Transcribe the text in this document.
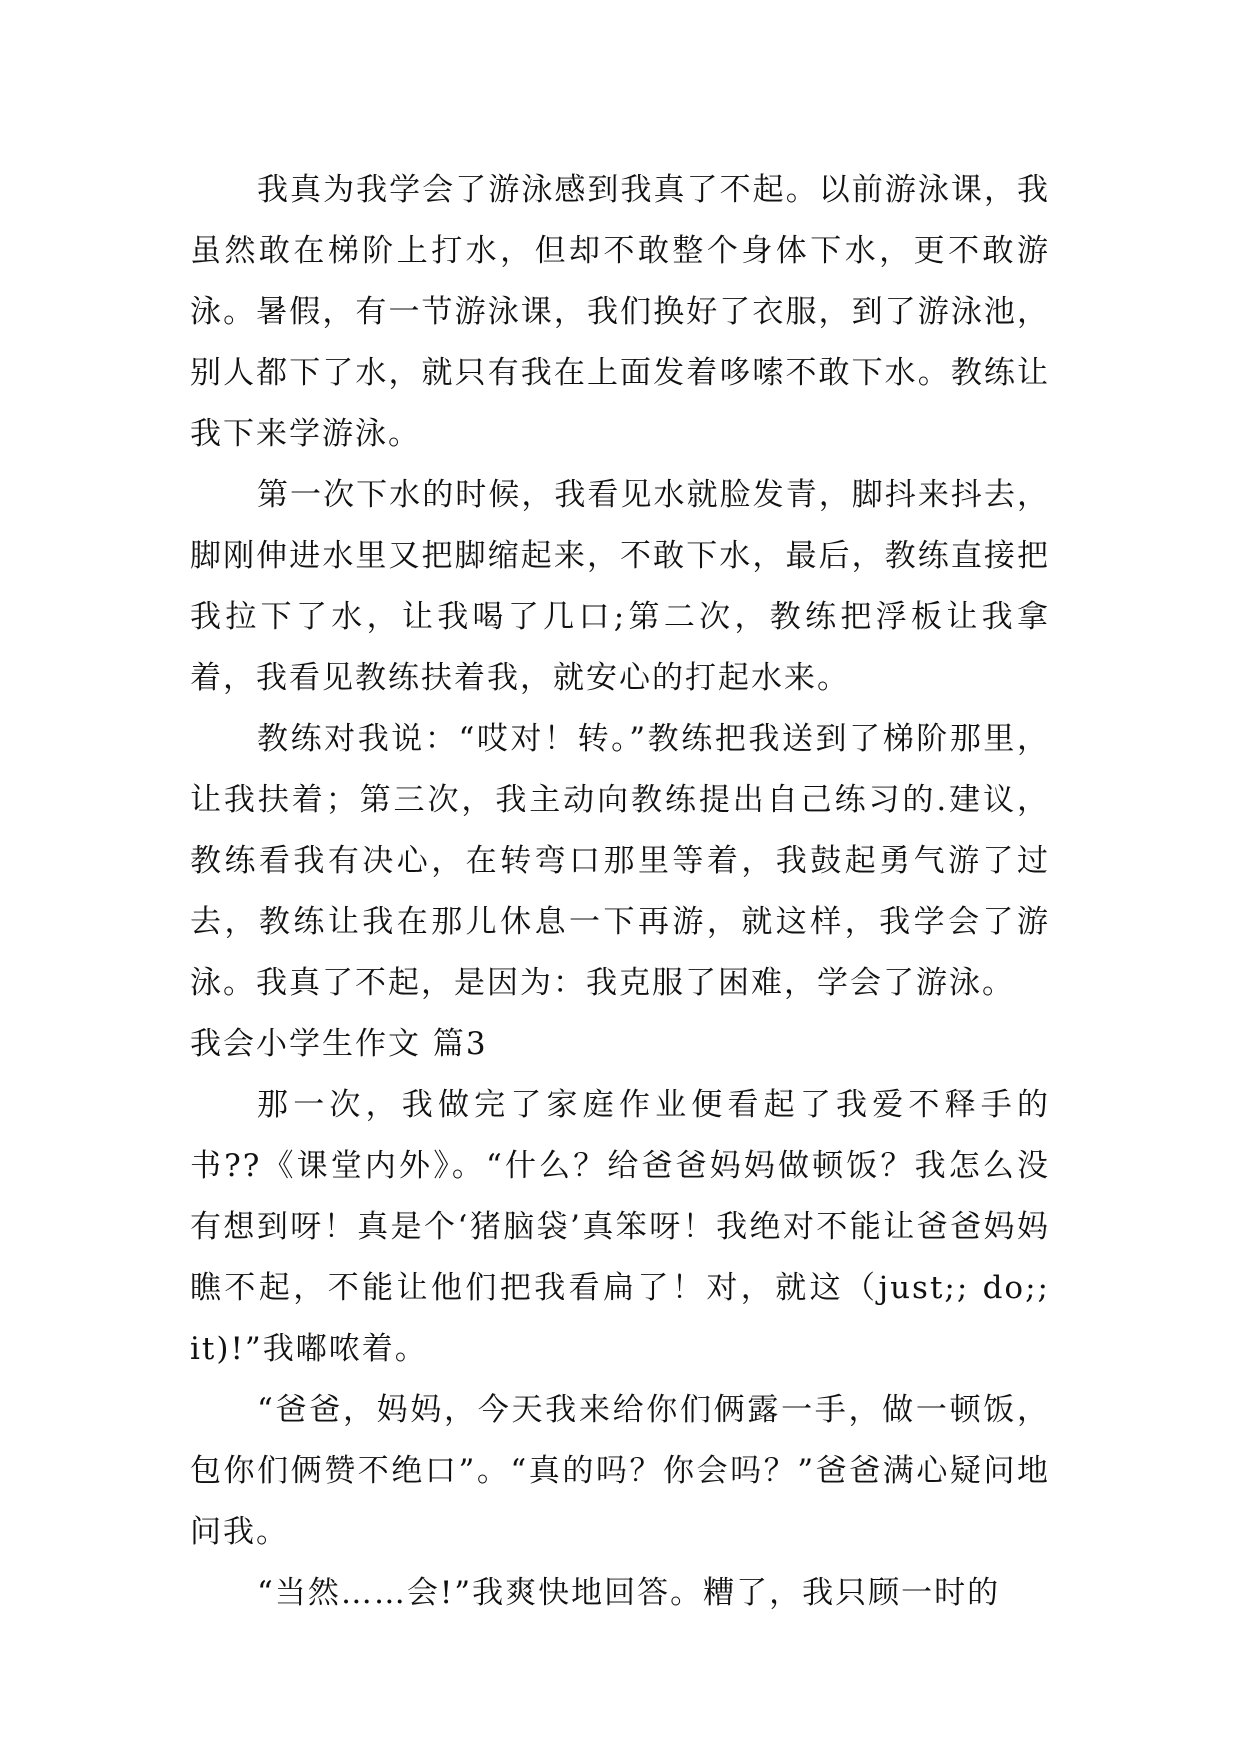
我真为我学会了游泳感到我真了不起。以前游泳课，我虽然敢在梯阶上打水，但却不敢整个身体下水，更不敢游泳。暑假，有一节游泳课，我们换好了衣服，到了游泳池，别人都下了水，就只有我在上面发着哆嗦不敢下水。教练让我下来学游泳。

第一次下水的时候，我看见水就脸发青，脚抖来抖去，脚刚伸进水里又把脚缩起来，不敢下水，最后，教练直接把我拉下了水，让我喝了几口;第二次，教练把浮板让我拿着，我看见教练扶着我，就安心的打起水来。

教练对我说：“哎对！转。”教练把我送到了梯阶那里，让我扶着；第三次，我主动向教练提出自己练习的.建议，教练看我有决心，在转弯口那里等着，我鼓起勇气游了过去，教练让我在那儿休息一下再游，就这样，我学会了游泳。我真了不起，是因为：我克服了困难，学会了游泳。

我会小学生作文 篇3

那一次，我做完了家庭作业便看起了我爱不释手的书??《课堂内外》。“什么？给爸爸妈妈做顿饭？我怎么没有想到呀！真是个‘猪脑袋’真笨呀！我绝对不能让爸爸妈妈瞧不起，不能让他们把我看扁了！对，就这（just;; do;; it)!”我嘟哝着。

“爸爸，妈妈，今天我来给你们俩露一手，做一顿饭，包你们俩赞不绝口”。“真的吗？你会吗？”爸爸满心疑问地问我。

“当然……会!”我爽快地回答。糟了，我只顾一时的
